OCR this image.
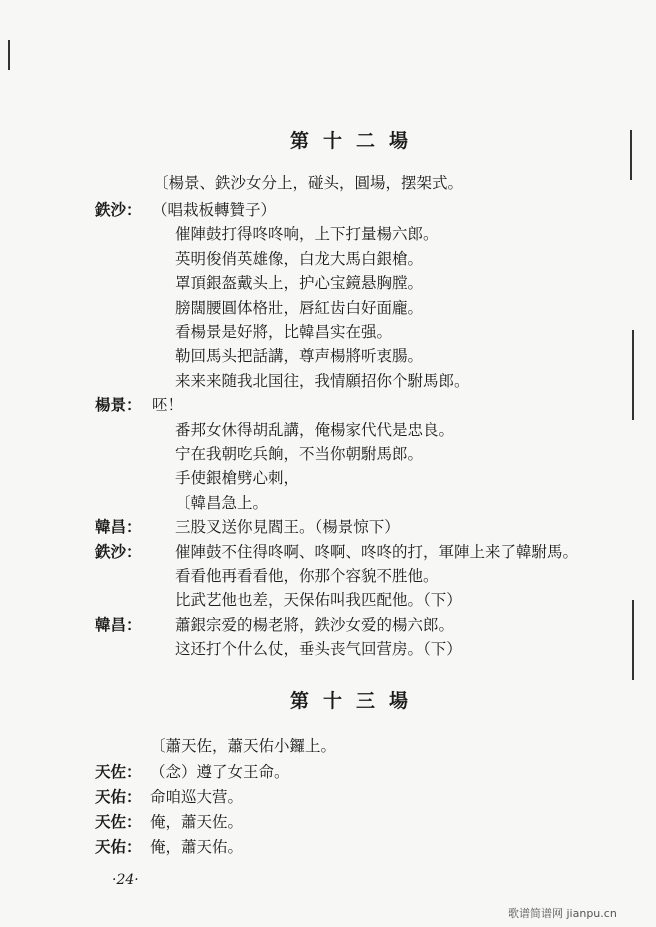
第十二場
〔楊景、鉄沙女分上，碰头，圓場，摆架式。
鉄沙： （唱栽板轉贊子）
催陣鼓打得咚咚响，上下打量楊六郎。
英明俊俏英雄像，白龙大馬白銀槍。
罩頂銀盔戴头上，护心宝鏡悬胸膛。
膀闊腰圓体格壯，唇紅齿白好面龐。
看楊景是好將，比韓昌实在强。
勒回馬头把話講，尊声楊將听衷腸。
来来来随我北国往，我情願招你个駙馬郎。
楊景： 呸！
番邦女休得胡乱講，俺楊家代代是忠良。
宁在我朝吃兵餉，不当你朝駙馬郎。
手使銀槍劈心刺，
〔韓昌急上。
韓昌： 三股叉送你見閻王。（楊景惊下）
鉄沙： 催陣鼓不住得咚啊、咚啊、咚咚的打，軍陣上来了韓駙馬。
看看他再看看他，你那个容貌不胜他。
比武艺他也差，天保佑叫我匹配他。（下）
韓昌： 蕭銀宗爱的楊老將，鉄沙女爱的楊六郎。
这还打个什么仗，垂头丧气回营房。（下）
第十三場
〔蕭天佐，蕭天佑小鑼上。
天佐： （念）遵了女王命。
天佑： 命咱巡大营。
天佐： 俺，蕭天佐。
天佑： 俺，蕭天佑。
·24·
歌谱简谱网 jianpu.cn
